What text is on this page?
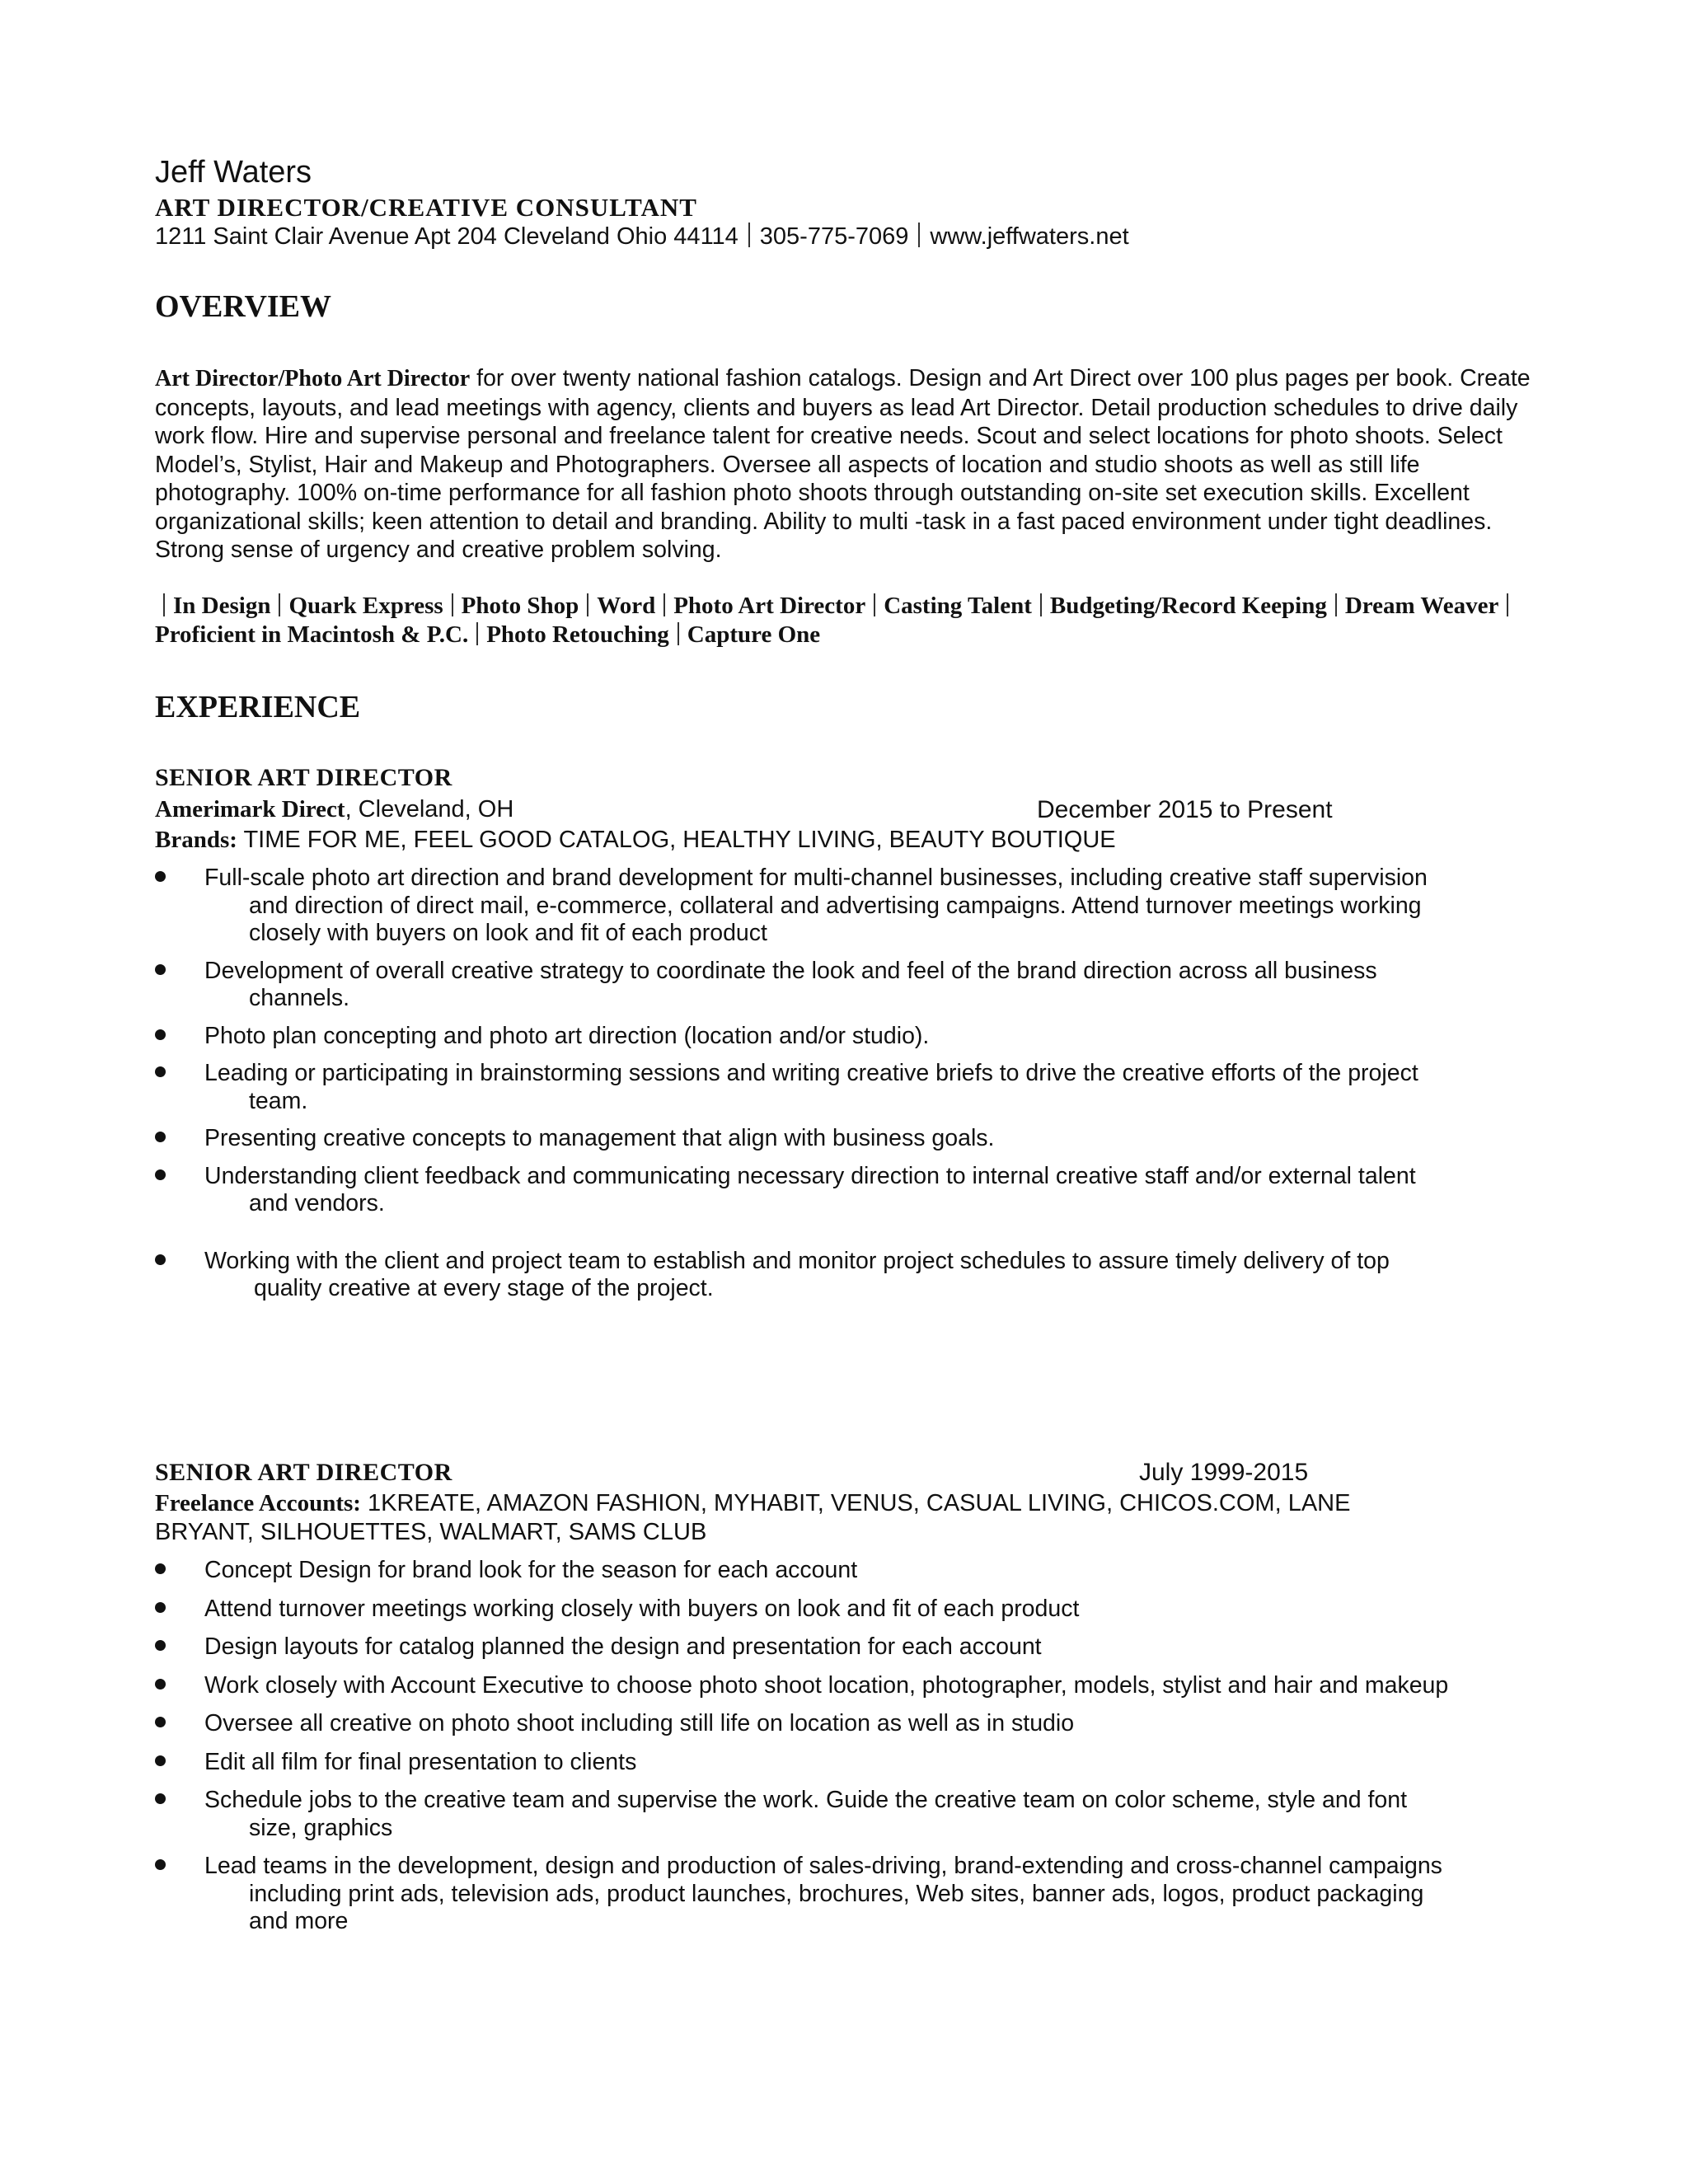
Jeff Waters
ART DIRECTOR/CREATIVE CONSULTANT
1211 Saint Clair Avenue Apt 204 Cleveland Ohio 44114 305-775-7069 www.jeffwaters.net
OVERVIEW
Art Director/Photo Art Director for over twenty national fashion catalogs. Design and Art Direct over 100 plus pages per book. Create concepts, layouts, and lead meetings with agency, clients and buyers as lead Art Director. Detail production schedules to drive daily work flow. Hire and supervise personal and freelance talent for creative needs. Scout and select locations for photo shoots. Select Model’s, Stylist, Hair and Makeup and Photographers. Oversee all aspects of location and studio shoots as well as still life photography. 100% on-time performance for all fashion photo shoots through outstanding on-site set execution skills. Excellent organizational skills; keen attention to detail and branding. Ability to multi -task in a fast paced environment under tight deadlines. Strong sense of urgency and creative problem solving.
In Design Quark Express Photo Shop Word Photo Art Director Casting Talent Budgeting/Record Keeping Dream WeaverProficient in Macintosh & P.C. Photo Retouching Capture One
EXPERIENCE
SENIOR ART DIRECTOR
Amerimark Direct, Cleveland, OH	December 2015 to Present
Brands: TIME FOR ME, FEEL GOOD CATALOG, HEALTHY LIVING, BEAUTY BOUTIQUE
Full-scale photo art direction and brand development for multi-channel businesses, including creative staff supervision
and direction of direct mail, e-commerce, collateral and advertising campaigns. Attend turnover meetings working
closely with buyers on look and fit of each product
Development of overall creative strategy to coordinate the look and feel of the brand direction across all business
channels.
Photo plan concepting and photo art direction (location and/or studio).
Leading or participating in brainstorming sessions and writing creative briefs to drive the creative efforts of the project
team.
Presenting creative concepts to management that align with business goals.
Understanding client feedback and communicating necessary direction to internal creative staff and/or external talent
and vendors.
Working with the client and project team to establish and monitor project schedules to assure timely delivery of top
quality creative at every stage of the project.
SENIOR ART DIRECTOR	July 1999-2015
Freelance Accounts: 1KREATE, AMAZON FASHION, MYHABIT, VENUS, CASUAL LIVING, CHICOS.COM, LANE
BRYANT, SILHOUETTES, WALMART, SAMS CLUB
Concept Design for brand look for the season for each account
Attend turnover meetings working closely with buyers on look and fit of each product
Design layouts for catalog planned the design and presentation for each account
Work closely with Account Executive to choose photo shoot location, photographer, models, stylist and hair and makeup
Oversee all creative on photo shoot including still life on location as well as in studio
Edit all film for final presentation to clients
Schedule jobs to the creative team and supervise the work. Guide the creative team on color scheme, style and font
size, graphics
Lead teams in the development, design and production of sales-driving, brand-extending and cross-channel campaigns
including print ads, television ads, product launches, brochures, Web sites, banner ads, logos, product packaging
and more
